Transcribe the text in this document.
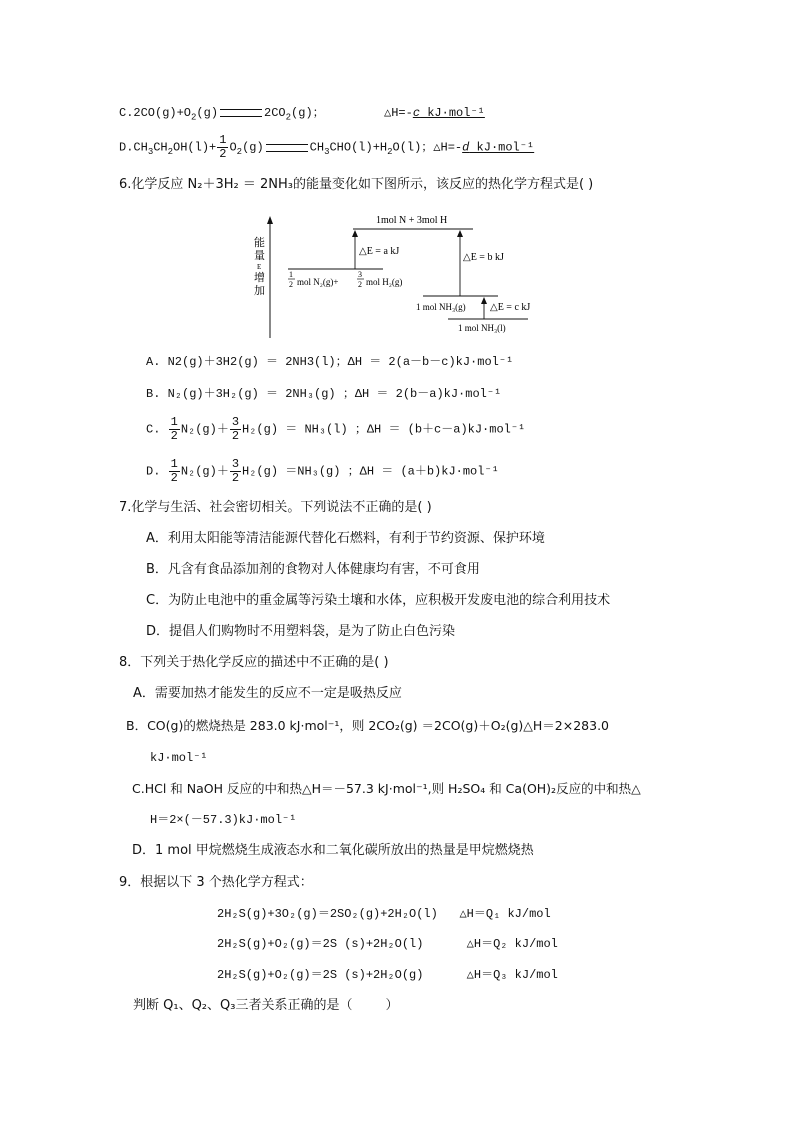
$C.2CO(g)+O_2(g)$	$2CO_2(g)$；	△H=-c kJ·mol⁻¹
$D.CH_3CH_2OH(l)+ \frac{1}{2} O_2(g)$	$CH_3CHO(l)+H_2O(l)$；△H=-d kJ·mol⁻¹
6.化学反应 N₂＋3H₂ ＝ 2NH₃的能量变化如下图所示，该反应的热化学方程式是( )
能
量
E
增
加
1mol N + 3mol H
1
2 mol N₂(g)+
3
2 mol H₂(g)
△E = a kJ
△E = b kJ
1 mol NH₃(g) △E = c kJ
1 mol NH₃(l)
A. N2(g)＋3H2(g) ＝ 2NH3(l)；ΔH ＝ 2(a－b－c)kJ·mol⁻¹
B. N₂(g)＋3H₂(g) ＝ 2NH₃(g) ；ΔH ＝ 2(b－a)kJ·mol⁻¹
C. $\frac{1}{2} N_2(g)+ \frac{3}{2} H_2(g) = NH_3(l)$ ；ΔH ＝ (b＋c－a)kJ·mol⁻¹
D. $\frac{1}{2} N_2(g)+ \frac{3}{2} H_2(g) =NH_3(g)$ ；ΔH ＝ (a＋b)kJ·mol⁻¹
7.化学与生活、社会密切相关。下列说法不正确的是( )
A．利用太阳能等清洁能源代替化石燃料，有利于节约资源、保护环境
B．凡含有食品添加剂的食物对人体健康均有害，不可食用
C．为防止电池中的重金属等污染土壤和水体，应积极开发废电池的综合利用技术
D．提倡人们购物时不用塑料袋，是为了防止白色污染
8．下列关于热化学反应的描述中不正确的是( )
A．需要加热才能发生的反应不一定是吸热反应
B．CO(g)的燃烧热是 283.0 kJ·mol⁻¹，则 2CO₂(g) ＝2CO(g)＋O₂(g)△H＝2×283.0
kJ·mol⁻¹
C.HCl 和 NaOH 反应的中和热△H＝－57.3 kJ·mol⁻¹,则 H₂SO₄ 和 Ca(OH)₂反应的中和热△
H＝2×(－57.3)kJ·mol⁻¹
D．1 mol 甲烷燃烧生成液态水和二氧化碳所放出的热量是甲烷燃烧热
9．根据以下 3 个热化学方程式：
2H₂S(g)+3O₂(g)＝2SO₂(g)+2H₂O(l)   △H＝Q₁ kJ/mol
2H₂S(g)+O₂(g)＝2S (s)+2H₂O(l)      △H＝Q₂ kJ/mol
2H₂S(g)+O₂(g)＝2S (s)+2H₂O(g)      △H＝Q₃ kJ/mol
判断 Q₁、Q₂、Q₃三者关系正确的是（        ）
